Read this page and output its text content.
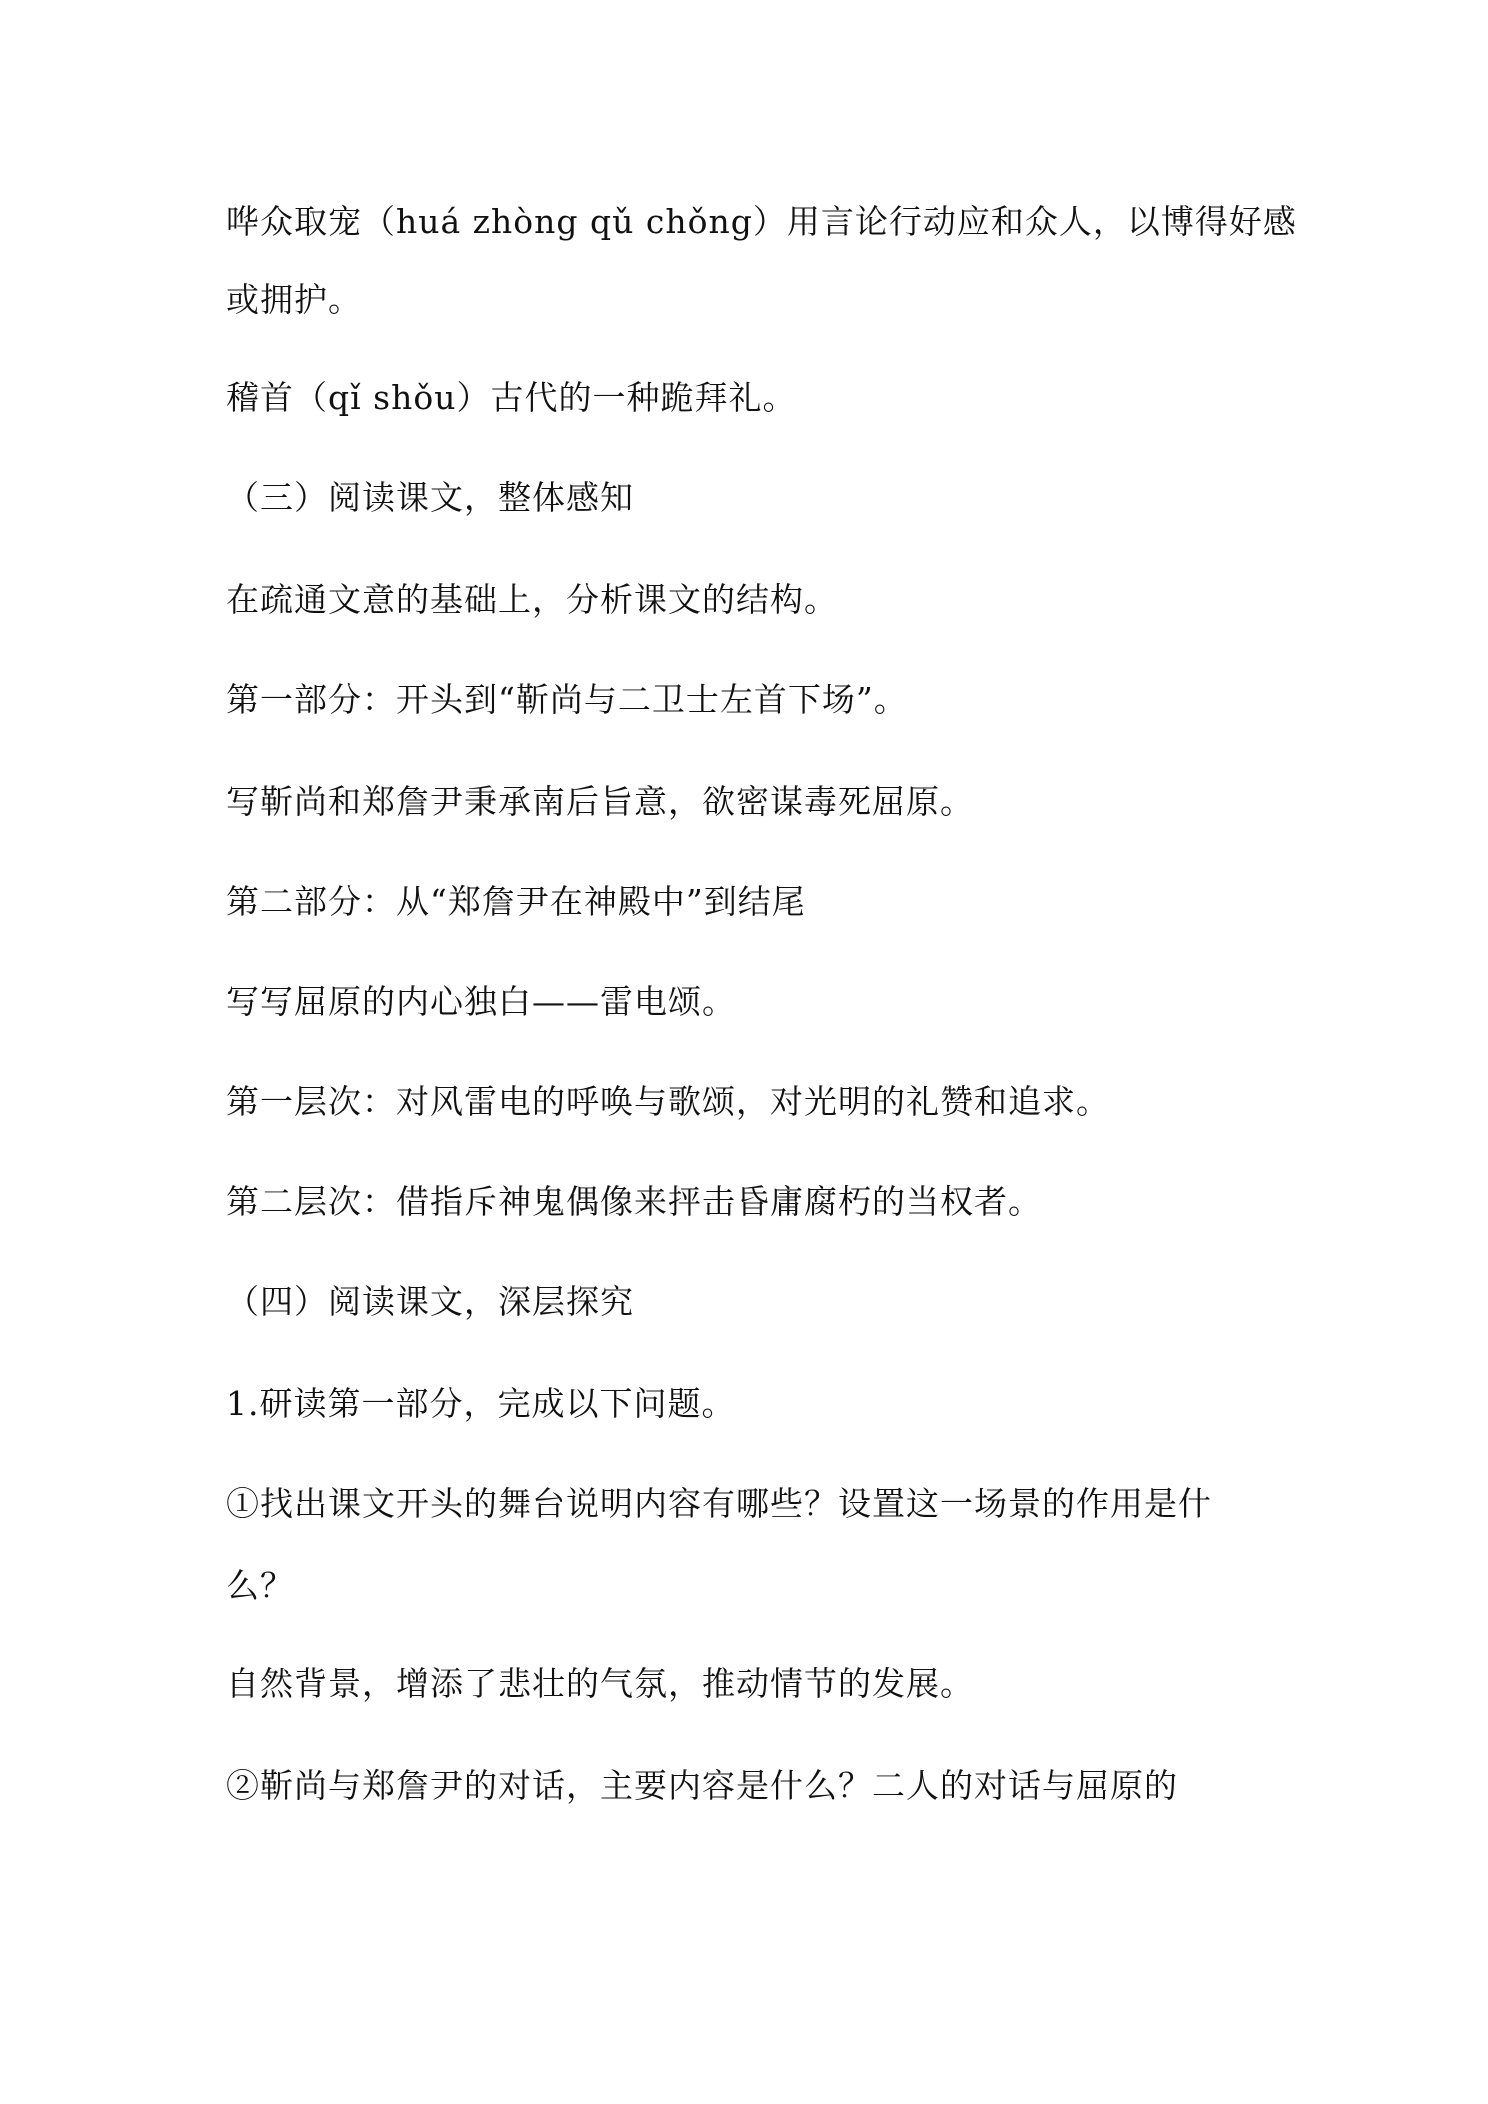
哗众取宠（huá zhòng qǔ chǒng）用言论行动应和众人，以博得好感
或拥护。
稽首（qǐ shǒu）古代的一种跪拜礼。
（三）阅读课文，整体感知
在疏通文意的基础上，分析课文的结构。
第一部分：开头到“靳尚与二卫士左首下场”。
写靳尚和郑詹尹秉承南后旨意，欲密谋毒死屈原。
第二部分：从“郑詹尹在神殿中”到结尾
写写屈原的内心独白——雷电颂。
第一层次：对风雷电的呼唤与歌颂，对光明的礼赞和追求。
第二层次：借指斥神鬼偶像来抨击昏庸腐朽的当权者。
（四）阅读课文，深层探究
1.研读第一部分，完成以下问题。
①找出课文开头的舞台说明内容有哪些？设置这一场景的作用是什
么？
自然背景，增添了悲壮的气氛，推动情节的发展。
②靳尚与郑詹尹的对话，主要内容是什么？二人的对话与屈原的
